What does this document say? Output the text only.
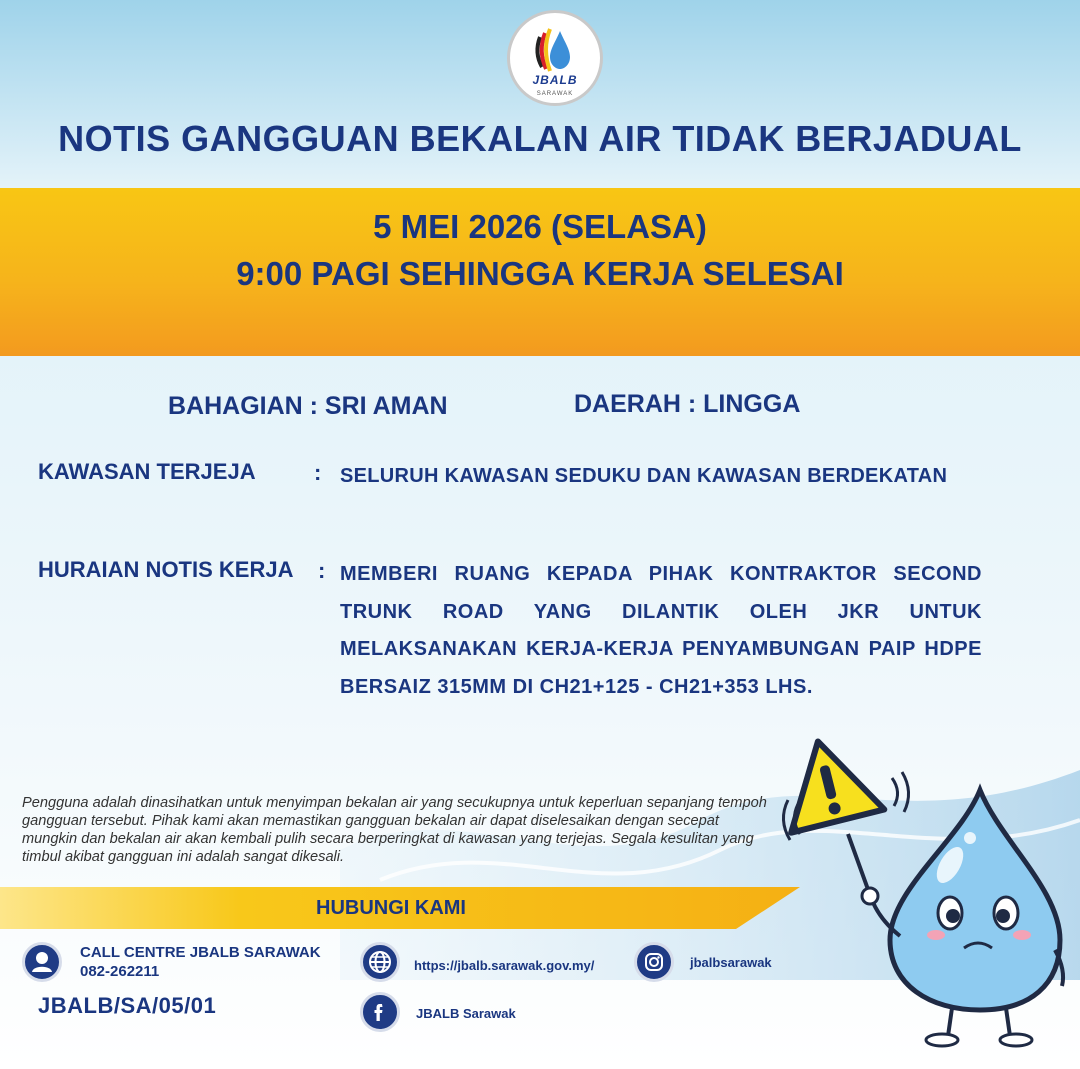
JBALB
SARAWAK
NOTIS GANGGUAN BEKALAN AIR TIDAK BERJADUAL
5 MEI 2026 (SELASA)
9:00 PAGI SEHINGGA KERJA SELESAI
BAHAGIAN : SRI AMAN	DAERAH : LINGGA
KAWASAN TERJEJA	: SELURUH KAWASAN SEDUKU DAN KAWASAN BERDEKATAN
HURAIAN NOTIS KERJA : MEMBERI RUANG KEPADA PIHAK KONTRAKTOR SECOND TRUNK ROAD YANG DILANTIK OLEH JKR UNTUK MELAKSANAKAN KERJA-KERJA PENYAMBUNGAN PAIP HDPE BERSAIZ 315MM DI CH21+125 - CH21+353 LHS.
Pengguna adalah dinasihatkan untuk menyimpan bekalan air yang secukupnya untuk keperluan sepanjang tempoh gangguan tersebut. Pihak kami akan memastikan gangguan bekalan air dapat diselesaikan dengan secepat mungkin dan bekalan air akan kembali pulih secara berperingkat di kawasan yang terjejas. Segala kesulitan yang timbul akibat gangguan ini adalah sangat dikesali.
HUBUNGI KAMI
CALL CENTRE JBALB SARAWAK
082-262211	https://jbalb.sarawak.gov.my/	jbalbsarawak
JBALB Sarawak
JBALB/SA/05/01
